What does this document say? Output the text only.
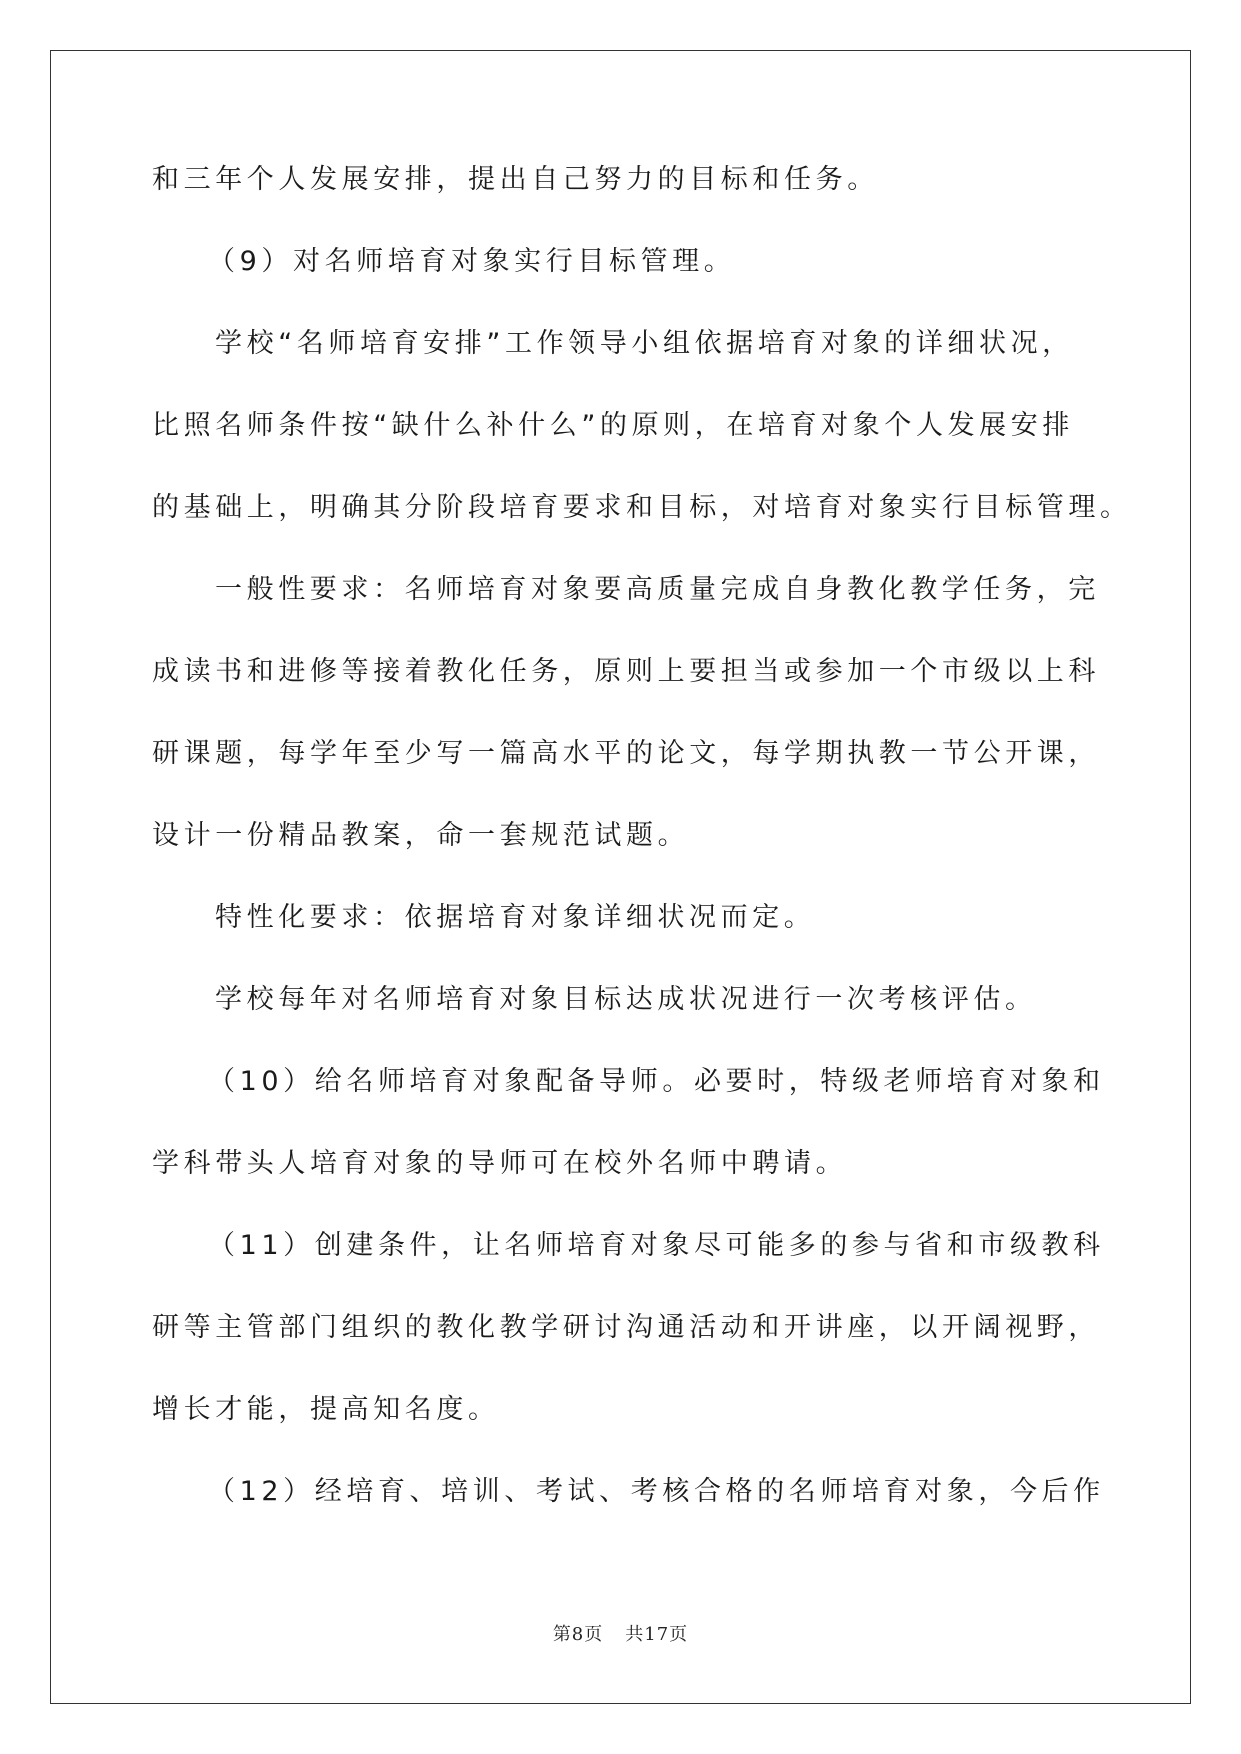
和三年个人发展安排，提出自己努力的目标和任务。
（9）对名师培育对象实行目标管理。
学校“名师培育安排”工作领导小组依据培育对象的详细状况，
比照名师条件按“缺什么补什么”的原则，在培育对象个人发展安排
的基础上，明确其分阶段培育要求和目标，对培育对象实行目标管理。
一般性要求：名师培育对象要高质量完成自身教化教学任务，完
成读书和进修等接着教化任务，原则上要担当或参加一个市级以上科
研课题，每学年至少写一篇高水平的论文，每学期执教一节公开课，
设计一份精品教案，命一套规范试题。
特性化要求：依据培育对象详细状况而定。
学校每年对名师培育对象目标达成状况进行一次考核评估。
（10）给名师培育对象配备导师。必要时，特级老师培育对象和
学科带头人培育对象的导师可在校外名师中聘请。
（11）创建条件，让名师培育对象尽可能多的参与省和市级教科
研等主管部门组织的教化教学研讨沟通活动和开讲座，以开阔视野，
增长才能，提高知名度。
（12）经培育、培训、考试、考核合格的名师培育对象，今后作
第8页 共17页
